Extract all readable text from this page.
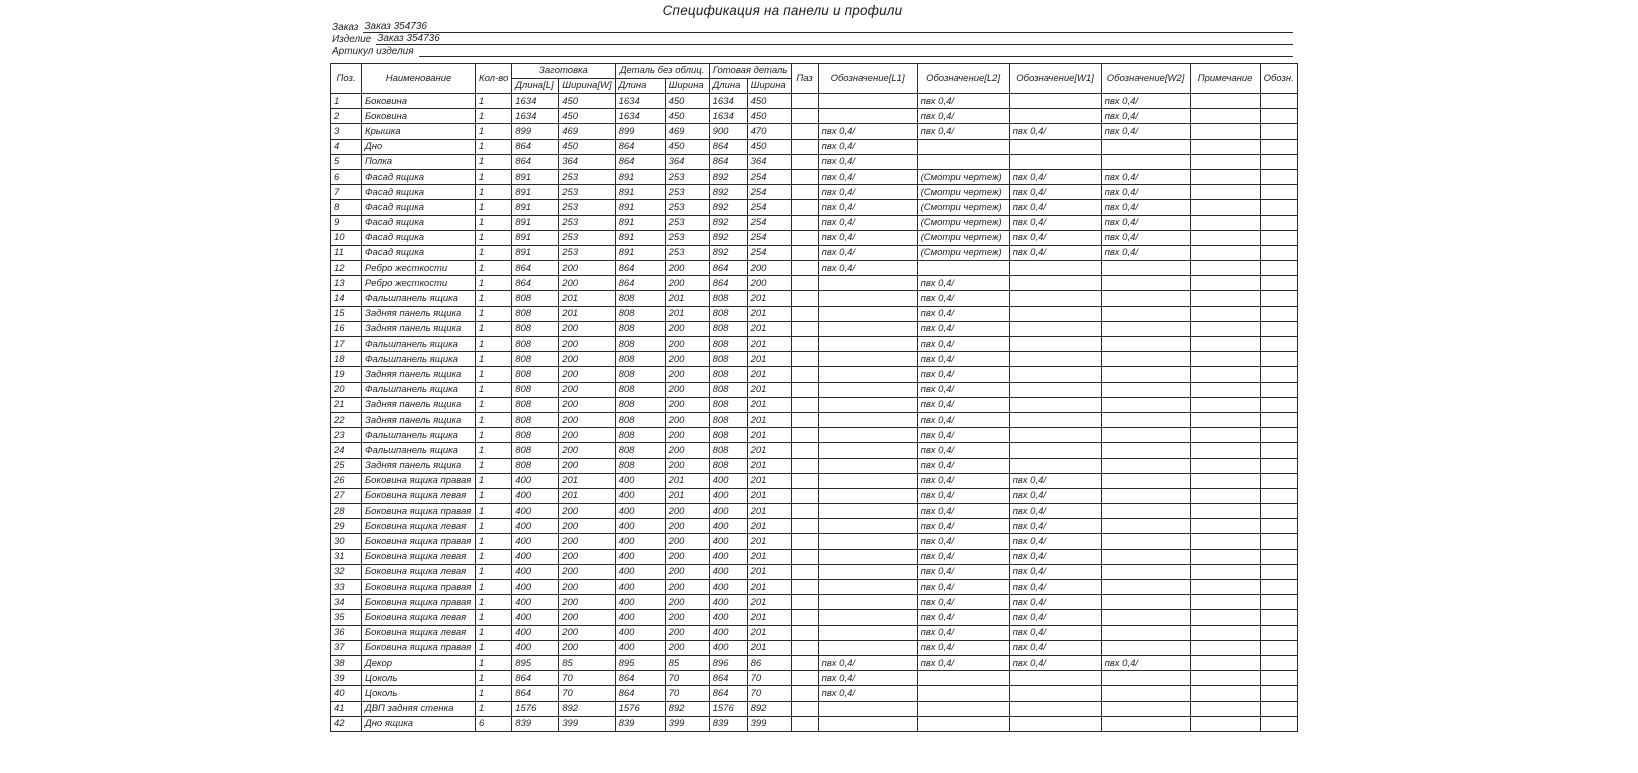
Спецификация на панели и профили
Заказ Заказ 354736
Изделие Заказ 354736
Артикул изделия
Поз.	Наименование	Кол-во	Заготовка		Деталь без облиц.		Готовая деталь		Паз	Обозначение[L1]	Обозначение[L2]	Обозначение[W1]	Обозначение[W2]	Примечание	Обозн.
			Длина[L]	Ширина[W]	Длина	Ширина	Длина	Ширина							
1	Боковина	1	1634	450	1634	450	1634	450			пвх 0,4/		пвх 0,4/		
2	Боковина	1	1634	450	1634	450	1634	450			пвх 0,4/		пвх 0,4/		
3	Крышка	1	899	469	899	469	900	470		пвх 0,4/	пвх 0,4/	пвх 0,4/	пвх 0,4/		
4	Дно	1	864	450	864	450	864	450		пвх 0,4/					
5	Полка	1	864	364	864	364	864	364		пвх 0,4/					
6	Фасад ящика	1	891	253	891	253	892	254		пвх 0,4/	(Смотри чертеж)	пвх 0,4/	пвх 0,4/		
7	Фасад ящика	1	891	253	891	253	892	254		пвх 0,4/	(Смотри чертеж)	пвх 0,4/	пвх 0,4/		
8	Фасад ящика	1	891	253	891	253	892	254		пвх 0,4/	(Смотри чертеж)	пвх 0,4/	пвх 0,4/		
9	Фасад ящика	1	891	253	891	253	892	254		пвх 0,4/	(Смотри чертеж)	пвх 0,4/	пвх 0,4/		
10	Фасад ящика	1	891	253	891	253	892	254		пвх 0,4/	(Смотри чертеж)	пвх 0,4/	пвх 0,4/		
11	Фасад ящика	1	891	253	891	253	892	254		пвх 0,4/	(Смотри чертеж)	пвх 0,4/	пвх 0,4/		
12	Ребро жесткости	1	864	200	864	200	864	200		пвх 0,4/					
13	Ребро жесткости	1	864	200	864	200	864	200			пвх 0,4/				
14	Фальшпанель ящика	1	808	201	808	201	808	201			пвх 0,4/				
15	Задняя панель ящика	1	808	201	808	201	808	201			пвх 0,4/				
16	Задняя панель ящика	1	808	200	808	200	808	201			пвх 0,4/				
17	Фальшпанель ящика	1	808	200	808	200	808	201			пвх 0,4/				
18	Фальшпанель ящика	1	808	200	808	200	808	201			пвх 0,4/				
19	Задняя панель ящика	1	808	200	808	200	808	201			пвх 0,4/				
20	Фальшпанель ящика	1	808	200	808	200	808	201			пвх 0,4/				
21	Задняя панель ящика	1	808	200	808	200	808	201			пвх 0,4/				
22	Задняя панель ящика	1	808	200	808	200	808	201			пвх 0,4/				
23	Фальшпанель ящика	1	808	200	808	200	808	201			пвх 0,4/				
24	Фальшпанель ящика	1	808	200	808	200	808	201			пвх 0,4/				
25	Задняя панель ящика	1	808	200	808	200	808	201			пвх 0,4/				
26	Боковина ящика правая	1	400	201	400	201	400	201			пвх 0,4/	пвх 0,4/			
27	Боковина ящика левая	1	400	201	400	201	400	201			пвх 0,4/	пвх 0,4/			
28	Боковина ящика правая	1	400	200	400	200	400	201			пвх 0,4/	пвх 0,4/			
29	Боковина ящика левая	1	400	200	400	200	400	201			пвх 0,4/	пвх 0,4/			
30	Боковина ящика правая	1	400	200	400	200	400	201			пвх 0,4/	пвх 0,4/			
31	Боковина ящика левая	1	400	200	400	200	400	201			пвх 0,4/	пвх 0,4/			
32	Боковина ящика левая	1	400	200	400	200	400	201			пвх 0,4/	пвх 0,4/			
33	Боковина ящика правая	1	400	200	400	200	400	201			пвх 0,4/	пвх 0,4/			
34	Боковина ящика правая	1	400	200	400	200	400	201			пвх 0,4/	пвх 0,4/			
35	Боковина ящика левая	1	400	200	400	200	400	201			пвх 0,4/	пвх 0,4/			
36	Боковина ящика левая	1	400	200	400	200	400	201			пвх 0,4/	пвх 0,4/			
37	Боковина ящика правая	1	400	200	400	200	400	201			пвх 0,4/	пвх 0,4/			
38	Декор	1	895	85	895	85	896	86		пвх 0,4/	пвх 0,4/	пвх 0,4/	пвх 0,4/		
39	Цоколь	1	864	70	864	70	864	70		пвх 0,4/					
40	Цоколь	1	864	70	864	70	864	70		пвх 0,4/					
41	ДВП задняя стенка	1	1576	892	1576	892	1576	892							
42	Дно ящика	6	839	399	839	399	839	399							
